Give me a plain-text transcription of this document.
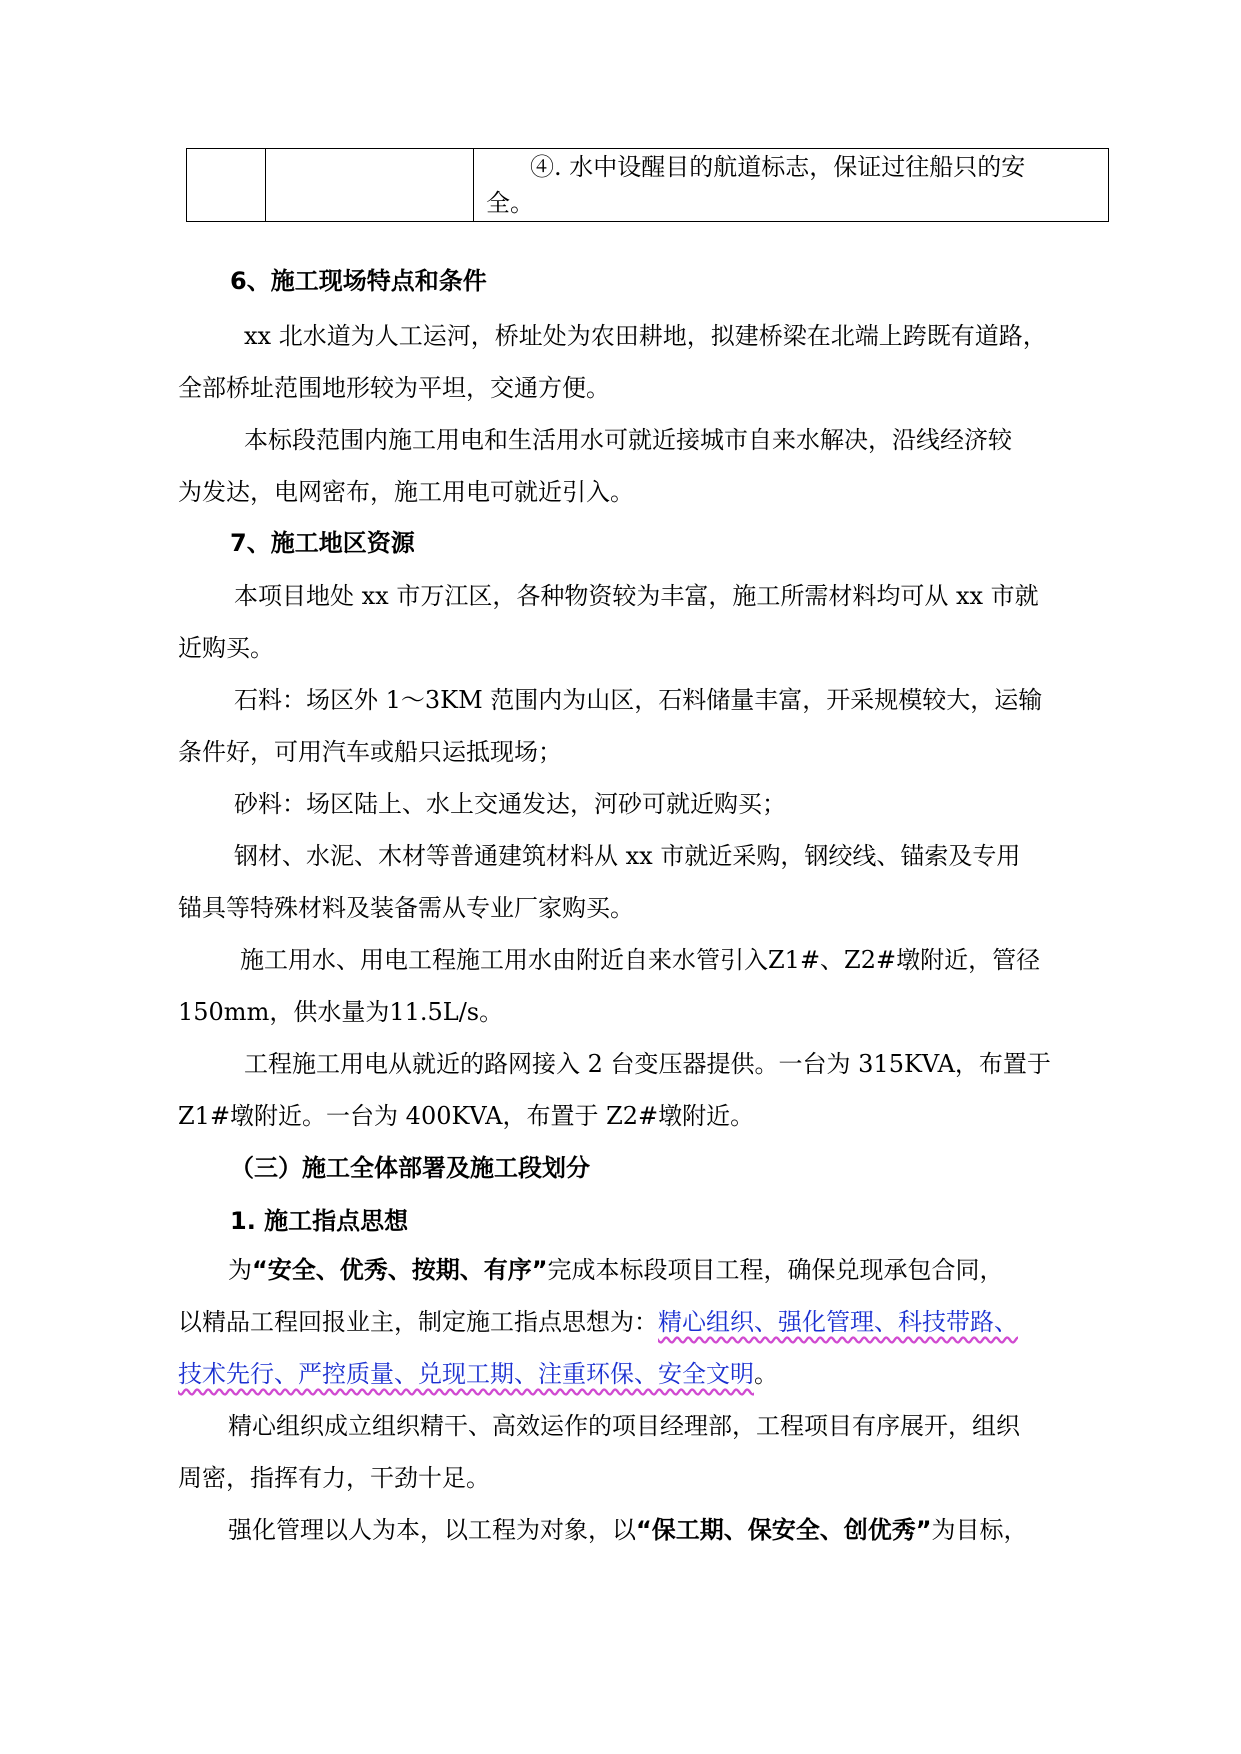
④. 水中设醒目的航道标志，保证过往船只的安
全。
6、施工现场特点和条件
xx 北水道为人工运河，桥址处为农田耕地，拟建桥梁在北端上跨既有道路，
全部桥址范围地形较为平坦，交通方便。
本标段范围内施工用电和生活用水可就近接城市自来水解决，沿线经济较
为发达，电网密布，施工用电可就近引入。
7、施工地区资源
本项目地处 xx 市万江区，各种物资较为丰富，施工所需材料均可从 xx 市就
近购买。
石料：场区外 1～3KM 范围内为山区，石料储量丰富，开采规模较大，运输
条件好，可用汽车或船只运抵现场；
砂料：场区陆上、水上交通发达，河砂可就近购买；
钢材、水泥、木材等普通建筑材料从 xx 市就近采购，钢绞线、锚索及专用
锚具等特殊材料及装备需从专业厂家购买。
施工用水、用电工程施工用水由附近自来水管引入Z1#、Z2#墩附近，管径
150mm，供水量为11.5L/s。
工程施工用电从就近的路网接入 2 台变压器提供。一台为 315KVA，布置于
Z1#墩附近。一台为 400KVA，布置于 Z2#墩附近。
（三）施工全体部署及施工段划分
1. 施工指点思想
为“安全、优秀、按期、有序”完成本标段项目工程，确保兑现承包合同，
以精品工程回报业主，制定施工指点思想为：精心组织、强化管理、科技带路、
技术先行、严控质量、兑现工期、注重环保、安全文明。
精心组织成立组织精干、高效运作的项目经理部，工程项目有序展开，组织
周密，指挥有力，干劲十足。
强化管理以人为本，以工程为对象，以“保工期、保安全、创优秀”为目标，
